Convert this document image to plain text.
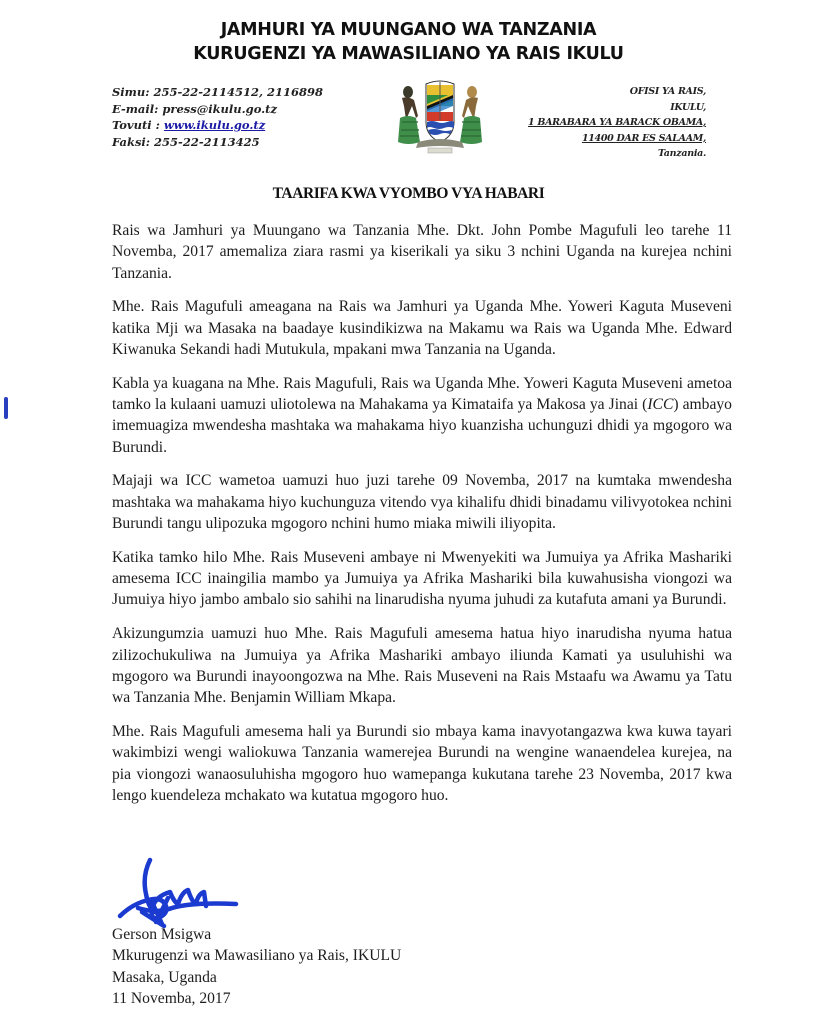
JAMHURI YA MUUNGANO WA TANZANIA
KURUGENZI YA MAWASILIANO YA RAIS IKULU
Simu: 255-22-2114512, 2116898
E-mail: press@ikulu.go.tz
Tovuti : www.ikulu.go.tz
Faksi: 255-22-2113425
OFISI YA RAIS,
IKULU,
1 BARABARA YA BARACK OBAMA,
11400 DAR ES SALAAM,
Tanzania.
TAARIFA KWA VYOMBO VYA HABARI

Rais wa Jamhuri ya Muungano wa Tanzania Mhe. Dkt. John Pombe Magufuli leo tarehe 11 Novemba, 2017 amemaliza ziara rasmi ya kiserikali ya siku 3 nchini Uganda na kurejea nchini Tanzania.

Mhe. Rais Magufuli ameagana na Rais wa Jamhuri ya Uganda Mhe. Yoweri Kaguta Museveni katika Mji wa Masaka na baadaye kusindikizwa na Makamu wa Rais wa Uganda Mhe. Edward Kiwanuka Sekandi hadi Mutukula, mpakani mwa Tanzania na Uganda.

Kabla ya kuagana na Mhe. Rais Magufuli, Rais wa Uganda Mhe. Yoweri Kaguta Museveni ametoa tamko la kulaani uamuzi uliotolewa na Mahakama ya Kimataifa ya Makosa ya Jinai (ICC) ambayo imemuagiza mwendesha mashtaka wa mahakama hiyo kuanzisha uchunguzi dhidi ya mgogoro wa Burundi.

Majaji wa ICC wametoa uamuzi huo juzi tarehe 09 Novemba, 2017 na kumtaka mwendesha mashtaka wa mahakama hiyo kuchunguza vitendo vya kihalifu dhidi binadamu vilivyotokea nchini Burundi tangu ulipozuka mgogoro nchini humo miaka miwili iliyopita.

Katika tamko hilo Mhe. Rais Museveni ambaye ni Mwenyekiti wa Jumuiya ya Afrika Mashariki amesema ICC inaingilia mambo ya Jumuiya ya Afrika Mashariki bila kuwahusisha viongozi wa Jumuiya hiyo jambo ambalo sio sahihi na linarudisha nyuma juhudi za kutafuta amani ya Burundi.

Akizungumzia uamuzi huo Mhe. Rais Magufuli amesema hatua hiyo inarudisha nyuma hatua zilizochukuliwa na Jumuiya ya Afrika Mashariki ambayo iliunda Kamati ya usuluhishi wa mgogoro wa Burundi inayoongozwa na Mhe. Rais Museveni na Rais Mstaafu wa Awamu ya Tatu wa Tanzania Mhe. Benjamin William Mkapa.

Mhe. Rais Magufuli amesema hali ya Burundi sio mbaya kama inavyotangazwa kwa kuwa tayari wakimbizi wengi waliokuwa Tanzania wamerejea Burundi na wengine wanaendelea kurejea, na pia viongozi wanaosuluhisha mgogoro huo wamepanga kukutana tarehe 23 Novemba, 2017 kwa lengo kuendeleza mchakato wa kutatua mgogoro huo.

Gerson Msigwa
Mkurugenzi wa Mawasiliano ya Rais, IKULU
Masaka, Uganda
11 Novemba, 2017
